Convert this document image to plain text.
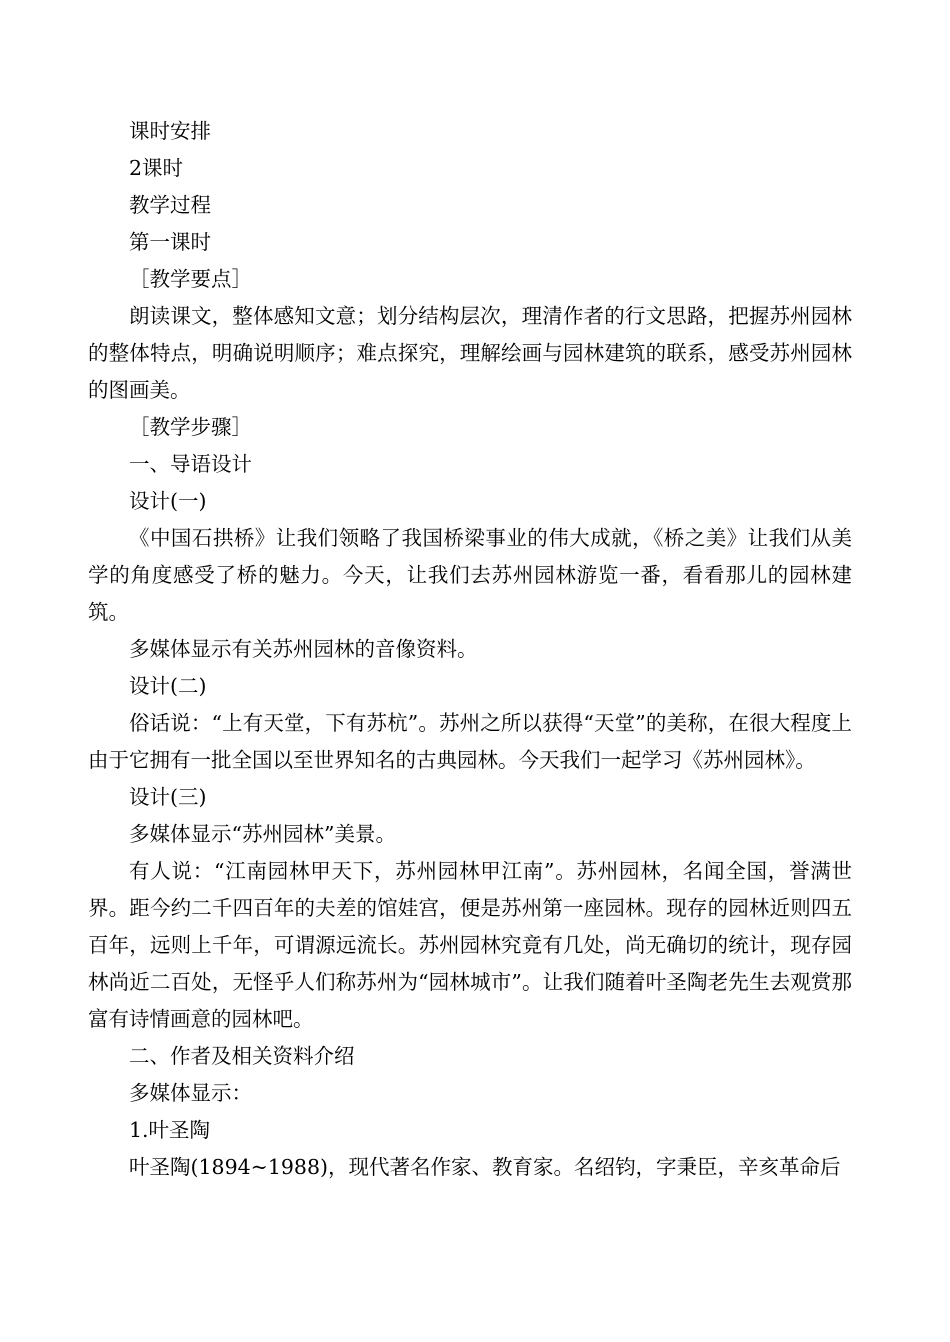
课时安排

2课时

教学过程

第一课时

［教学要点］

朗读课文，整体感知文意；划分结构层次，理清作者的行文思路，把握苏州园林的整体特点，明确说明顺序；难点探究，理解绘画与园林建筑的联系，感受苏州园林的图画美。

［教学步骤］

一、导语设计

设计(一)

《中国石拱桥》让我们领略了我国桥梁事业的伟大成就，《桥之美》让我们从美学的角度感受了桥的魅力。今天，让我们去苏州园林游览一番，看看那儿的园林建筑。

多媒体显示有关苏州园林的音像资料。

设计(二)

俗话说：“上有天堂，下有苏杭”。苏州之所以获得“天堂”的美称，在很大程度上由于它拥有一批全国以至世界知名的古典园林。今天我们一起学习《苏州园林》。

设计(三)

多媒体显示“苏州园林”美景。

有人说：“江南园林甲天下，苏州园林甲江南”。苏州园林，名闻全国，誉满世界。距今约二千四百年的夫差的馆娃宫，便是苏州第一座园林。现存的园林近则四五百年，远则上千年，可谓源远流长。苏州园林究竟有几处，尚无确切的统计，现存园林尚近二百处，无怪乎人们称苏州为“园林城市”。让我们随着叶圣陶老先生去观赏那富有诗情画意的园林吧。

二、作者及相关资料介绍

多媒体显示：

1.叶圣陶

叶圣陶(1894~1988)，现代著名作家、教育家。名绍钧，字秉臣，辛亥革命后
